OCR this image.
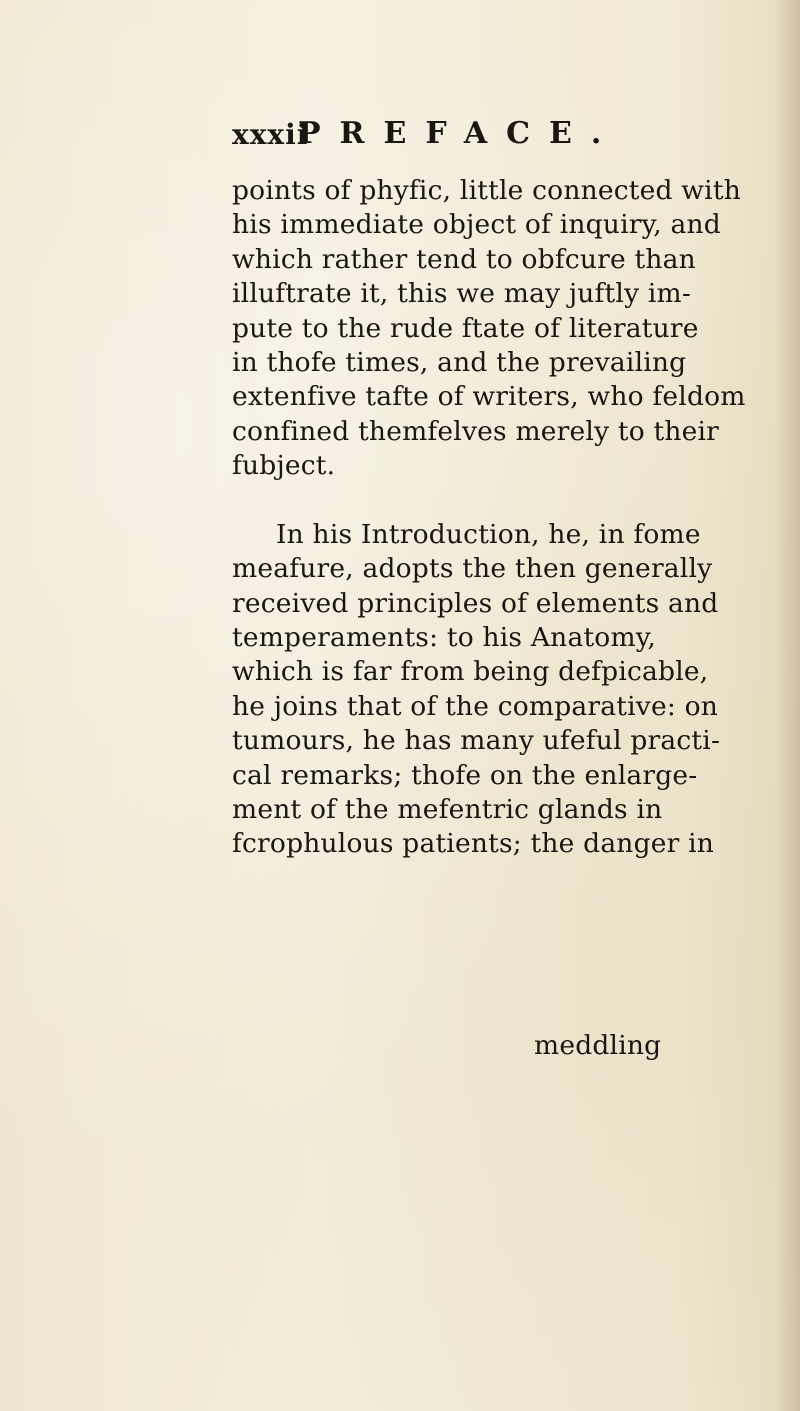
xxxii
PREFACE.

points of phyfic, little connected with
his immediate object of inquiry, and
which rather tend to obfcure than
illuftrate it, this we may juftly im-
pute to the rude ftate of literature
in thofe times, and the prevailing
extenfive tafte of writers, who feldom
confined themfelves merely to their
fubject.

In his Introduction, he, in fome
meafure, adopts the then generally
received principles of elements and
temperaments: to his Anatomy,
which is far from being defpicable,
he joins that of the comparative: on
tumours, he has many ufeful practi-
cal remarks; thofe on the enlarge-
ment of the mefentric glands in
fcrophulous patients; the danger in

meddling
